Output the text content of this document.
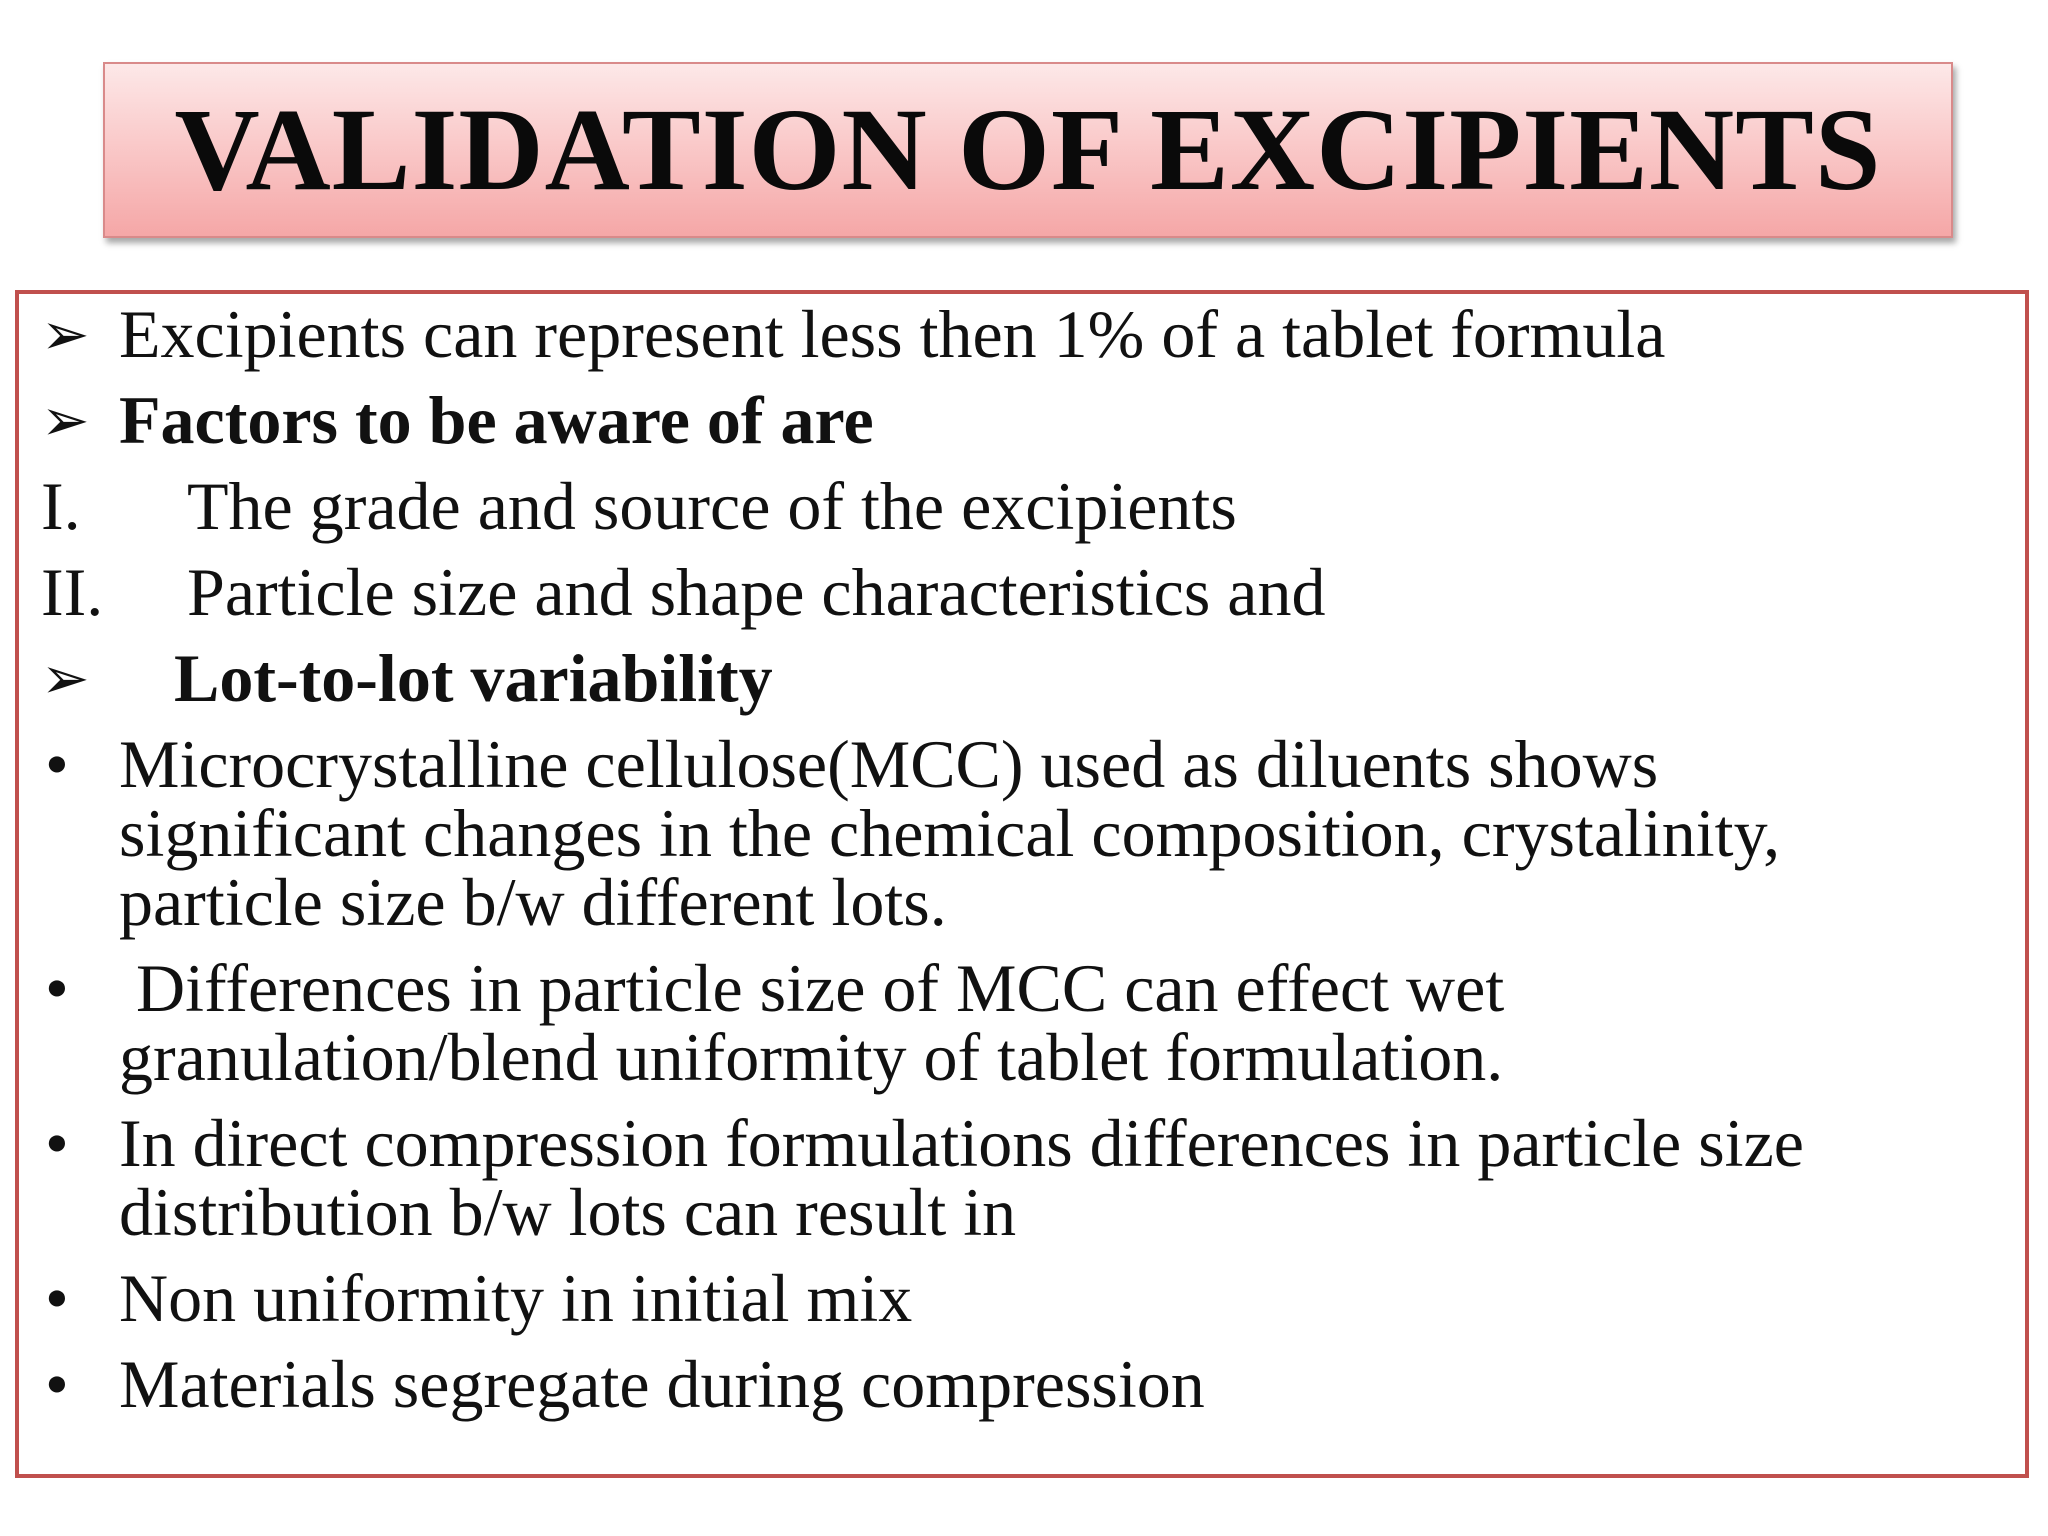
VALIDATION OF EXCIPIENTS
➢ Excipients can represent less then 1% of a tablet formula
➢ Factors to be aware of are
I. The grade and source of the excipients
II. Particle size and shape characteristics and
➢ Lot-to-lot variability
• Microcrystalline cellulose(MCC) used as diluents shows
significant changes in the chemical composition, crystalinity,
particle size b/w different lots.
• Differences in particle size of MCC can effect wet
granulation/blend uniformity of tablet formulation.
• In direct compression formulations differences in particle size
distribution b/w lots can result in
• Non uniformity in initial mix
• Materials segregate during compression
